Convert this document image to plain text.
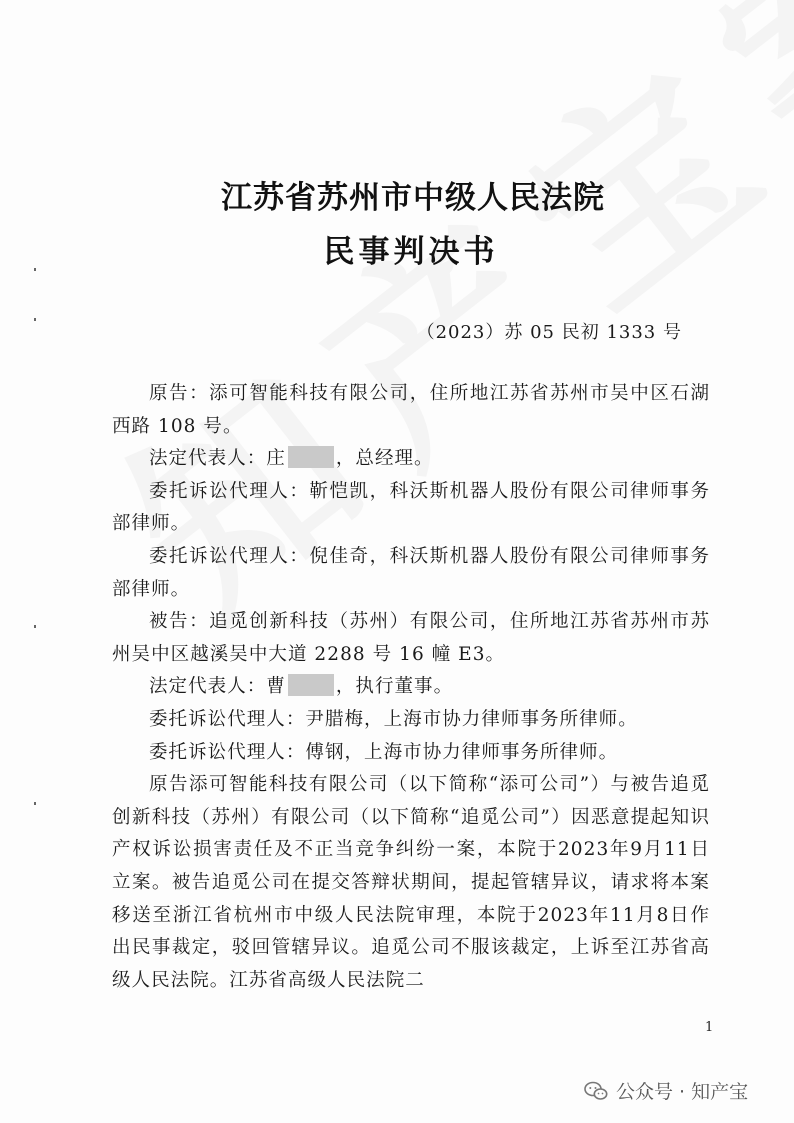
江苏省苏州市中级人民法院
民事判决书
（2023）苏 05 民初 1333 号

原告：添可智能科技有限公司，住所地江苏省苏州市吴中区石湖西路 108 号。

法定代表人：庄	，总经理。

委托诉讼代理人：靳恺凯，科沃斯机器人股份有限公司律师事务部律师。

委托诉讼代理人：倪佳奇，科沃斯机器人股份有限公司律师事务部律师。

被告：追觅创新科技（苏州）有限公司，住所地江苏省苏州市苏州吴中区越溪吴中大道 2288 号 16 幢 E3。

法定代表人：曹	，执行董事。

委托诉讼代理人：尹腊梅，上海市协力律师事务所律师。

委托诉讼代理人：傅钢，上海市协力律师事务所律师。

原告添可智能科技有限公司（以下简称“添可公司”）与被告追觅创新科技（苏州）有限公司（以下简称“追觅公司”）因恶意提起知识产权诉讼损害责任及不正当竞争纠纷一案，本院于2023年9月11日立案。被告追觅公司在提交答辩状期间，提起管辖异议，请求将本案移送至浙江省杭州市中级人民法院审理，本院于2023年11月8日作出民事裁定，驳回管辖异议。追觅公司不服该裁定，上诉至江苏省高级人民法院。江苏省高级人民法院二

1
公众号 · 知产宝
